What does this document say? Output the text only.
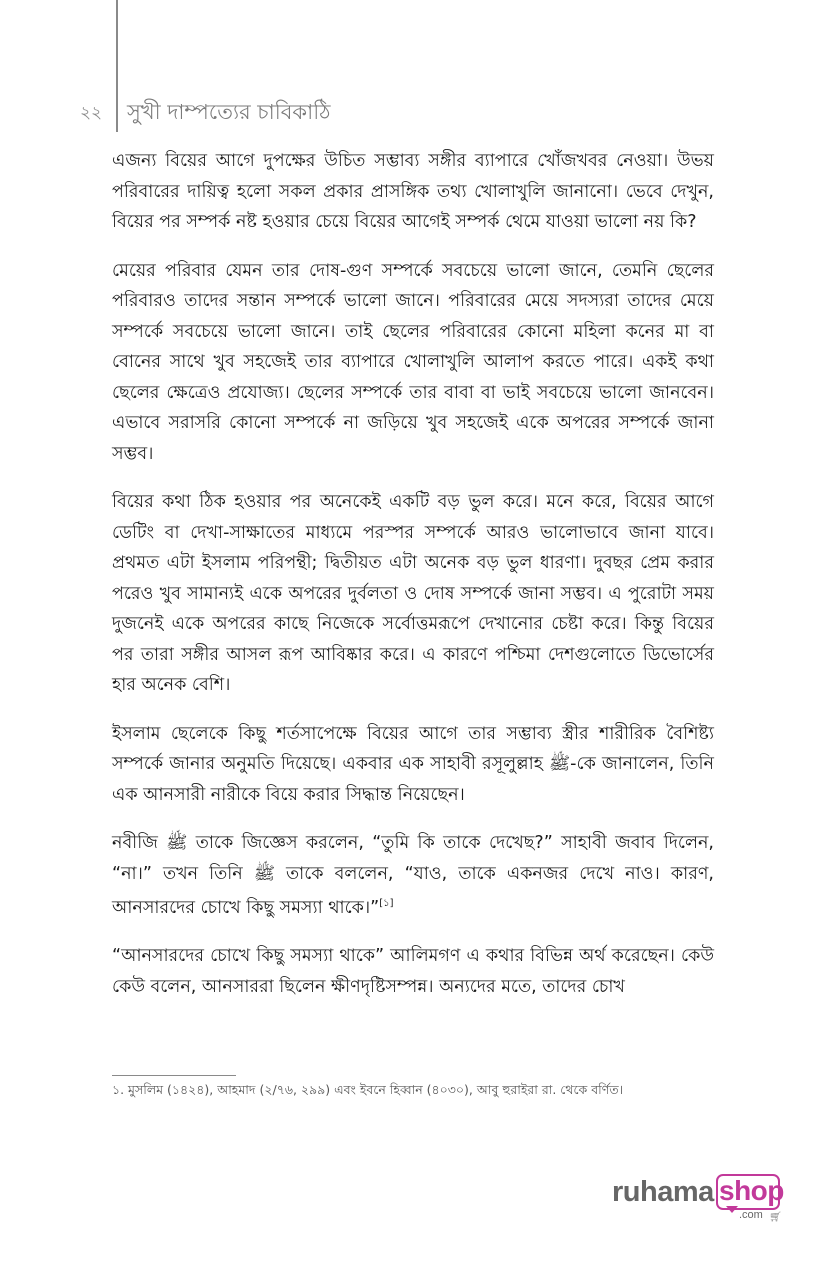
২২ সুখী দাম্পত্যের চাবিকাঠি

এজন্য বিয়ের আগে দুপক্ষের উচিত সম্ভাব্য সঙ্গীর ব্যাপারে খোঁজখবর নেওয়া। উভয় পরিবারের দায়িত্ব হলো সকল প্রকার প্রাসঙ্গিক তথ্য খোলাখুলি জানানো। ভেবে দেখুন, বিয়ের পর সম্পর্ক নষ্ট হওয়ার চেয়ে বিয়ের আগেই সম্পর্ক থেমে যাওয়া ভালো নয় কি?

মেয়ের পরিবার যেমন তার দোষ-গুণ সম্পর্কে সবচেয়ে ভালো জানে, তেমনি ছেলের পরিবারও তাদের সন্তান সম্পর্কে ভালো জানে। পরিবারের মেয়ে সদস্যরা তাদের মেয়ে সম্পর্কে সবচেয়ে ভালো জানে। তাই ছেলের পরিবারের কোনো মহিলা কনের মা বা বোনের সাথে খুব সহজেই তার ব্যাপারে খোলাখুলি আলাপ করতে পারে। একই কথা ছেলের ক্ষেত্রেও প্রযোজ্য। ছেলের সম্পর্কে তার বাবা বা ভাই সবচেয়ে ভালো জানবেন। এভাবে সরাসরি কোনো সম্পর্কে না জড়িয়ে খুব সহজেই একে অপরের সম্পর্কে জানা সম্ভব।

বিয়ের কথা ঠিক হওয়ার পর অনেকেই একটি বড় ভুল করে। মনে করে, বিয়ের আগে ডেটিং বা দেখা-সাক্ষাতের মাধ্যমে পরস্পর সম্পর্কে আরও ভালোভাবে জানা যাবে। প্রথমত এটা ইসলাম পরিপন্থী; দ্বিতীয়ত এটা অনেক বড় ভুল ধারণা। দুবছর প্রেম করার পরেও খুব সামান্যই একে অপরের দুর্বলতা ও দোষ সম্পর্কে জানা সম্ভব। এ পুরোটা সময় দুজনেই একে অপরের কাছে নিজেকে সর্বোত্তমরূপে দেখানোর চেষ্টা করে। কিন্তু বিয়ের পর তারা সঙ্গীর আসল রূপ আবিষ্কার করে। এ কারণে পশ্চিমা দেশগুলোতে ডিভোর্সের হার অনেক বেশি।

ইসলাম ছেলেকে কিছু শর্তসাপেক্ষে বিয়ের আগে তার সম্ভাব্য স্ত্রীর শারীরিক বৈশিষ্ট্য সম্পর্কে জানার অনুমতি দিয়েছে। একবার এক সাহাবী রসূলুল্লাহ ﷺ-কে জানালেন, তিনি এক আনসারী নারীকে বিয়ে করার সিদ্ধান্ত নিয়েছেন।

নবীজি ﷺ তাকে জিজ্ঞেস করলেন, “তুমি কি তাকে দেখেছ?” সাহাবী জবাব দিলেন, “না।” তখন তিনি ﷺ তাকে বললেন, “যাও, তাকে একনজর দেখে নাও। কারণ, আনসারদের চোখে কিছু সমস্যা থাকে।”[১]

“আনসারদের চোখে কিছু সমস্যা থাকে” আলিমগণ এ কথার বিভিন্ন অর্থ করেছেন। কেউ কেউ বলেন, আনসাররা ছিলেন ক্ষীণদৃষ্টিসম্পন্ন। অন্যদের মতে, তাদের চোখ

১. মুসলিম (১৪২৪), আহমাদ (২/৭৬, ২৯৯) এবং ইবনে হিব্বান (৪০৩০), আবু হুরাইরা রা. থেকে বর্ণিত।
ruhama shop
.com 🛒︎
